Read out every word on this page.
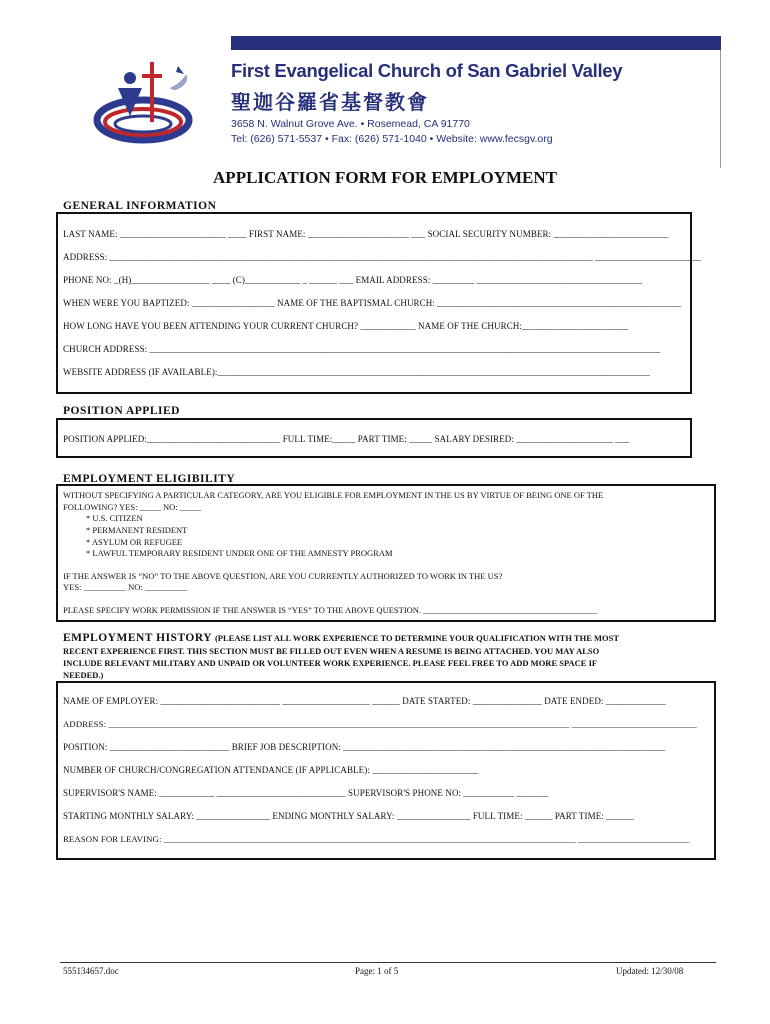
First Evangelical Church of San Gabriel Valley
聖迦谷羅省基督教會
3658 N. Walnut Grove Ave. • Rosemead, CA 91770
Tel: (626) 571-5537 • Fax: (626) 571-1040 • Website: www.fecsgv.org
APPLICATION FORM FOR EMPLOYMENT
GENERAL INFORMATION
LAST NAME: _______________________ ____ FIRST NAME: ______________________ ___ SOCIAL SECURITY NUMBER: _________________________
ADDRESS: _________________________________________________________________________________________________________ _______________________
PHONE NO: _(H)_________________ ____ (C)____________ _ ______ ___ EMAIL ADDRESS: _________ ____________________________________
WHEN WERE YOU BAPTIZED: __________________ NAME OF THE BAPTISMAL CHURCH: _____________________________________________________
HOW LONG HAVE YOU BEEN ATTENDING YOUR CURRENT CHURCH? ____________ NAME OF THE CHURCH:_______________________
CHURCH ADDRESS: _______________________________________________________________________________________________________________
WEBSITE ADDRESS (IF AVAILABLE):______________________________________________________________________________________________
POSITION APPLIED
POSITION APPLIED:_____________________________ FULL TIME:_____ PART TIME: _____ SALARY DESIRED: _____________________ ___
EMPLOYMENT ELIGIBILITY
WITHOUT SPECIFYING A PARTICULAR CATEGORY, ARE YOU ELIGIBLE FOR EMPLOYMENT IN THE US BY VIRTUE OF BEING ONE OF THE
FOLLOWING? YES: _____ NO: _____
* U.S. CITIZEN
* PERMANENT RESIDENT
* ASYLUM OR REFUGEE
* LAWFUL TEMPORARY RESIDENT UNDER ONE OF THE AMNESTY PROGRAM
IF THE ANSWER IS “NO” TO THE ABOVE QUESTION, ARE YOU CURRENTLY AUTHORIZED TO WORK IN THE US?
YES: __________ NO: __________
PLEASE SPECIFY WORK PERMISSION IF THE ANSWER IS “YES” TO THE ABOVE QUESTION. _________________________________________
EMPLOYMENT HISTORY (PLEASE LIST ALL WORK EXPERIENCE TO DETERMINE YOUR QUALIFICATION WITH THE MOST
RECENT EXPERIENCE FIRST. THIS SECTION MUST BE FILLED OUT EVEN WHEN A RESUME IS BEING ATTACHED. YOU MAY ALSO
INCLUDE RELEVANT MILITARY AND UNPAID OR VOLUNTEER WORK EXPERIENCE. PLEASE FEEL FREE TO ADD MORE SPACE IF
NEEDED.)
NAME OF EMPLOYER: __________________________ ___________________ ______ DATE STARTED: _______________ DATE ENDED: _____________
ADDRESS: _______________________________________________________________________________________________________ ____________________________
POSITION: __________________________ BRIEF JOB DESCRIPTION: ______________________________________________________________________
NUMBER OF CHURCH/CONGREGATION ATTENDANCE (IF APPLICABLE): _______________________
SUPERVISOR'S NAME: ____________ ____________________________ SUPERVISOR'S PHONE NO: ___________ _______
STARTING MONTHLY SALARY: ________________ ENDING MONTHLY SALARY: ________________ FULL TIME: ______ PART TIME: ______
REASON FOR LEAVING: ____________________________________________________________________________________________ _________________________
555134657.doc	Page: 1 of 5	Updated: 12/30/08
